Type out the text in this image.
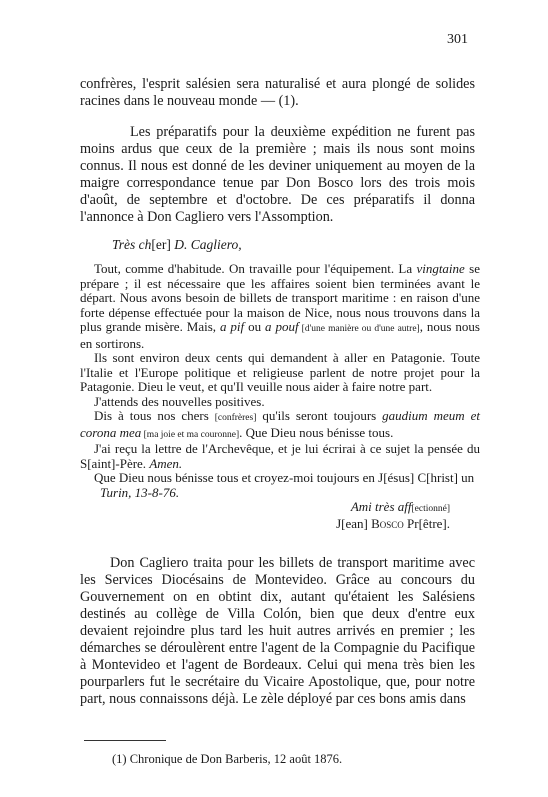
301
confrères, l'esprit salésien sera naturalisé et aura plongé de solides racines dans le nouveau monde — (1).
Les préparatifs pour la deuxième expédition ne furent pas moins ardus que ceux de la première ; mais ils nous sont moins connus. Il nous est donné de les deviner uniquement au moyen de la maigre correspondance tenue par Don Bosco lors des trois mois d'août, de septembre et d'octobre. De ces préparatifs il donna l'annonce à Don Cagliero vers l'Assomption.
Très ch[er] D. Cagliero,

Tout, comme d'habitude. On travaille pour l'équipement. La vingtaine se prépare ; il est nécessaire que les affaires soient bien terminées avant le départ. Nous avons besoin de billets de transport maritime : en raison d'une forte dépense effectuée pour la maison de Nice, nous nous trouvons dans la plus grande misère. Mais, a pif ou a pouf [d'une manière ou d'une autre], nous nous en sortirons.

Ils sont environ deux cents qui demandent à aller en Patagonie. Toute l'Italie et l'Europe politique et religieuse parlent de notre projet pour la Patagonie. Dieu le veut, et qu'Il veuille nous aider à faire notre part.

J'attends des nouvelles positives.

Dis à tous nos chers [confrères] qu'ils seront toujours gaudium meum et corona mea [ma joie et ma couronne]. Que Dieu nous bénisse tous.

J'ai reçu la lettre de l'Archevêque, et je lui écrirai à ce sujet la pensée du S[aint]-Père. Amen.

Que Dieu nous bénisse tous et croyez-moi toujours en J[ésus] C[hrist] un

Turin, 13-8-76.

Ami très aff[ectionné]

J[ean] Bosco Pr[être].

Don Cagliero traita pour les billets de transport maritime avec les Services Diocésains de Montevideo. Grâce au concours du Gouvernement on en obtint dix, autant qu'étaient les Salésiens destinés au collège de Villa Colón, bien que deux d'entre eux devaient rejoindre plus tard les huit autres arrivés en premier ; les démarches se déroulèrent entre l'agent de la Compagnie du Pacifique à Montevideo et l'agent de Bordeaux. Celui qui mena très bien les pourparlers fut le secrétaire du Vicaire Apostolique, que, pour notre part, nous connaissons déjà. Le zèle déployé par ces bons amis dans
(1) Chronique de Don Barberis, 12 août 1876.
